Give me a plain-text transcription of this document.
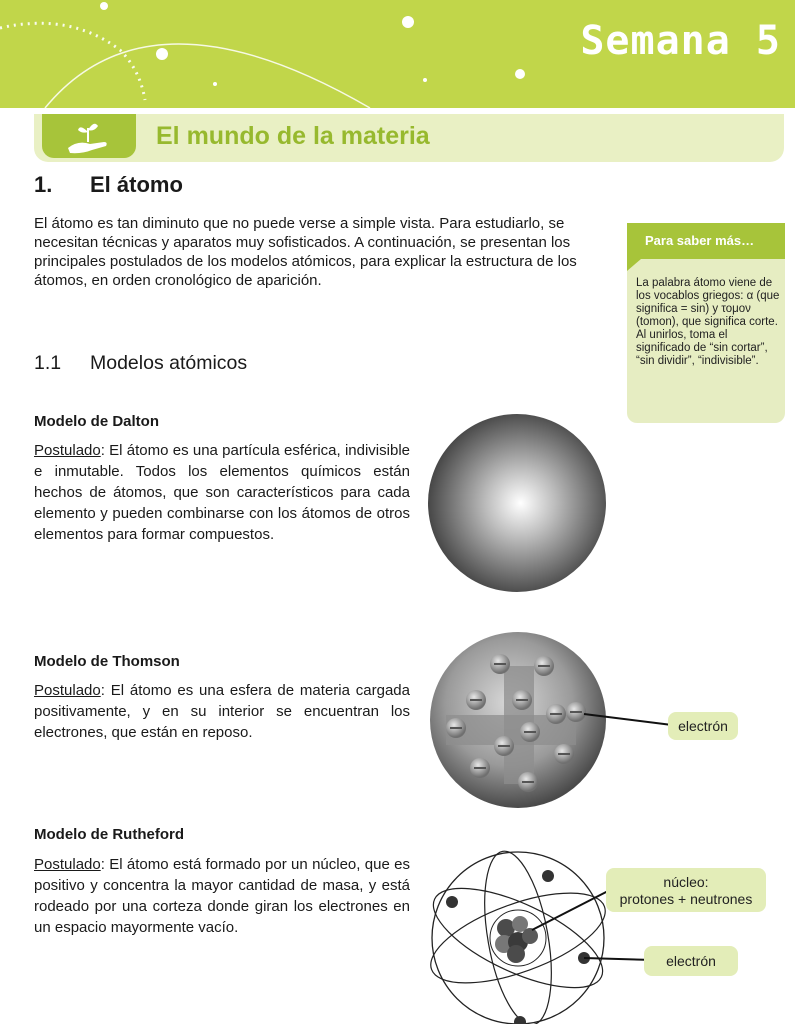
Semana 5
El mundo de la materia
1. El átomo
El átomo es tan diminuto que no puede verse a simple vista. Para estudiarlo, se necesitan técnicas y aparatos muy sofisticados. A continuación, se presentan los principales postulados de los modelos atómicos, para explicar la estructura de los átomos, en orden cronológico de aparición.
Para saber más…
La palabra átomo viene de los vocablos griegos: α (que significa = sin) y τομον (tomon), que significa corte. Al unirlos, toma el significado de “sin cortar”, “sin dividir”, “indivisible”.
1.1 Modelos atómicos
Modelo de Dalton
Postulado: El átomo es una partícula esférica, indivisible e inmutable. Todos los elementos químicos están hechos de átomos, que son característicos para cada elemento y pueden combinarse con los átomos de otros elementos para formar compuestos.
Modelo de Thomson
Postulado: El átomo es una esfera de materia cargada positivamente, y en su interior se encuentran los electrones, que están en reposo.	electrón
Modelo de Rutheford
Postulado: El átomo está formado por un núcleo, que es positivo y concentra la mayor cantidad de masa, y está rodeado por una corteza donde giran los electrones en un espacio mayormente vacío.
núcleo:
protones + neutrones
electrón
